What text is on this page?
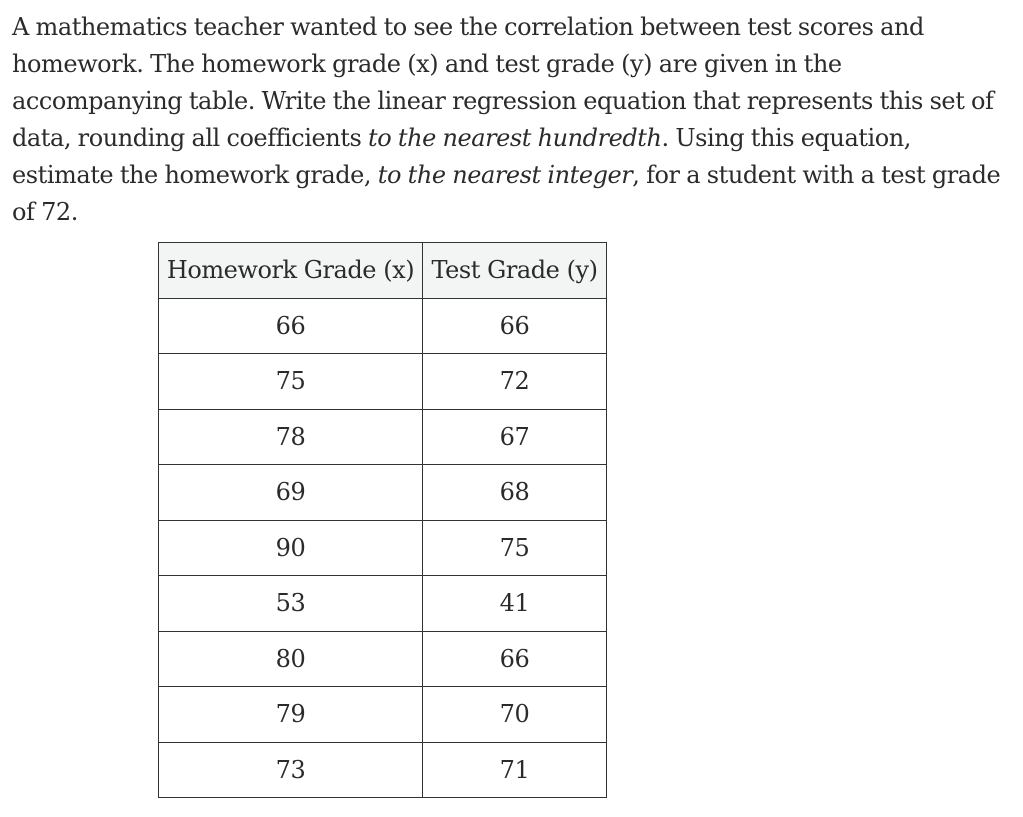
A mathematics teacher wanted to see the correlation between test scores and homework. The homework grade (x) and test grade (y) are given in the accompanying table. Write the linear regression equation that represents this set of data, rounding all coefficients to the nearest hundredth. Using this equation, estimate the homework grade, to the nearest integer, for a student with a test grade of 72.

Homework Grade (x)	Test Grade (y)
66	66
75	72
78	67
69	68
90	75
53	41
80	66
79	70
73	71
